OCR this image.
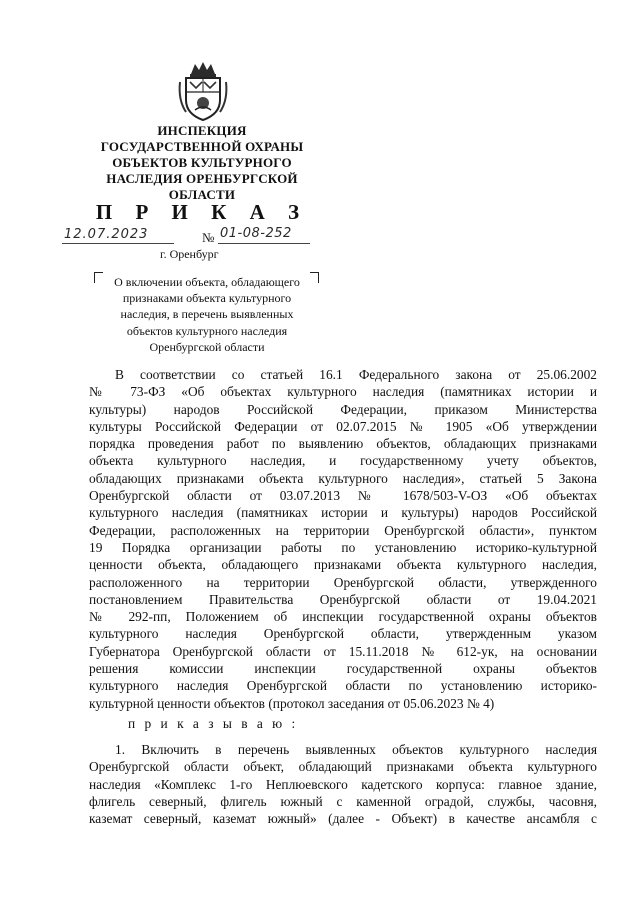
ИНСПЕКЦИЯ
ГОСУДАРСТВЕННОЙ ОХРАНЫ
ОБЪЕКТОВ КУЛЬТУРНОГО
НАСЛЕДИЯ ОРЕНБУРГСКОЙ
ОБЛАСТИ
П Р И К А З
12.07.2023	№ 01-08-252
г. Оренбург
О включении объекта, обладающего
признаками объекта культурного
наследия, в перечень выявленных
объектов культурного наследия
Оренбургской области
В соответствии со статьей 16.1 Федерального закона от 25.06.2002
№ 73-ФЗ «Об объектах культурного наследия (памятниках истории и
культуры) народов Российской Федерации, приказом Министерства
культуры Российской Федерации от 02.07.2015 № 1905 «Об утверждении
порядка проведения работ по выявлению объектов, обладающих признаками
объекта культурного наследия, и государственному учету объектов,
обладающих признаками объекта культурного наследия», статьей 5 Закона
Оренбургской области от 03.07.2013 № 1678/503-V-ОЗ «Об объектах
культурного наследия (памятниках истории и культуры) народов Российской
Федерации, расположенных на территории Оренбургской области», пунктом
19 Порядка организации работы по установлению историко-культурной
ценности объекта, обладающего признаками объекта культурного наследия,
расположенного на территории Оренбургской области, утвержденного
постановлением Правительства Оренбургской области от 19.04.2021
№ 292-пп, Положением об инспекции государственной охраны объектов
культурного наследия Оренбургской области, утвержденным указом
Губернатора Оренбургской области от 15.11.2018 № 612-ук, на основании
решения комиссии инспекции государственной охраны объектов
культурного наследия Оренбургской области по установлению историко-
культурной ценности объектов (протокол заседания от 05.06.2023 № 4)
п р и к а з ы в а ю :
1. Включить в перечень выявленных объектов культурного наследия
Оренбургской области объект, обладающий признаками объекта культурного
наследия «Комплекс 1-го Неплюевского кадетского корпуса: главное здание,
флигель северный, флигель южный с каменной оградой, службы, часовня,
каземат северный, каземат южный» (далее - Объект) в качестве ансамбля с
